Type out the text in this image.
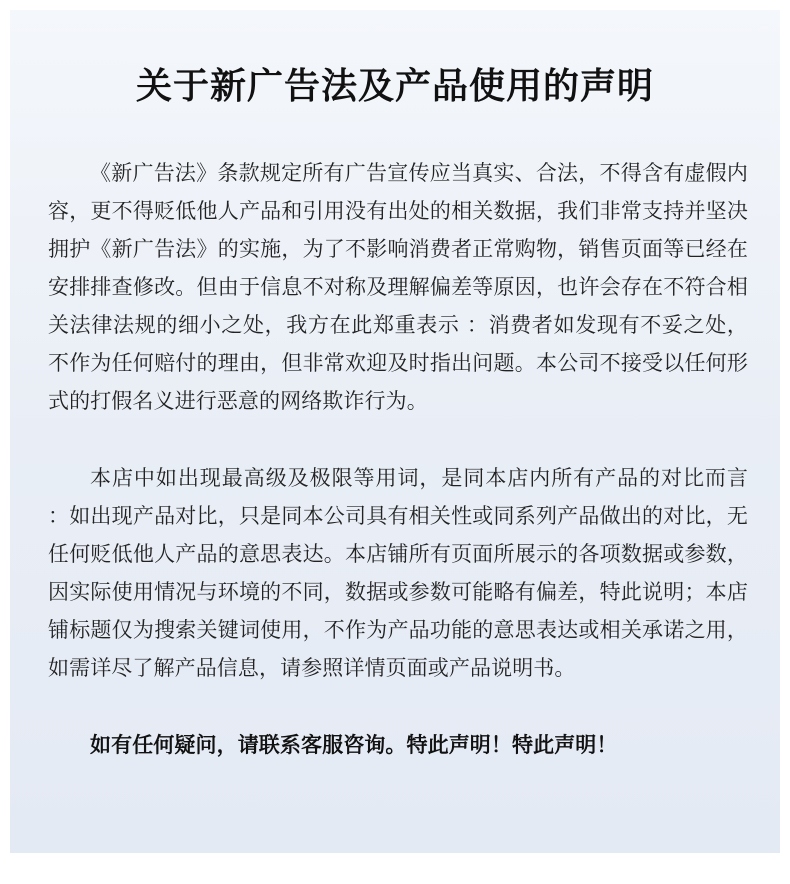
关于新广告法及产品使用的声明

《新广告法》条款规定所有广告宣传应当真实、合法，不得含有虚假内容，更不得贬低他人产品和引用没有出处的相关数据，我们非常支持并坚决拥护《新广告法》的实施，为了不影响消费者正常购物，销售页面等已经在安排排查修改。但由于信息不对称及理解偏差等原因，也许会存在不符合相关法律法规的细小之处，我方在此郑重表示 ：消费者如发现有不妥之处，不作为任何赔付的理由，但非常欢迎及时指出问题。本公司不接受以任何形式的打假名义进行恶意的网络欺诈行为。

本店中如出现最高级及极限等用词，是同本店内所有产品的对比而言 ：如出现产品对比，只是同本公司具有相关性或同系列产品做出的对比，无任何贬低他人产品的意思表达。本店铺所有页面所展示的各项数据或参数，因实际使用情况与环境的不同，数据或参数可能略有偏差，特此说明；本店铺标题仅为搜索关键词使用，不作为产品功能的意思表达或相关承诺之用，如需详尽了解产品信息，请参照详情页面或产品说明书。

如有任何疑问，请联系客服咨询。特此声明！特此声明！
